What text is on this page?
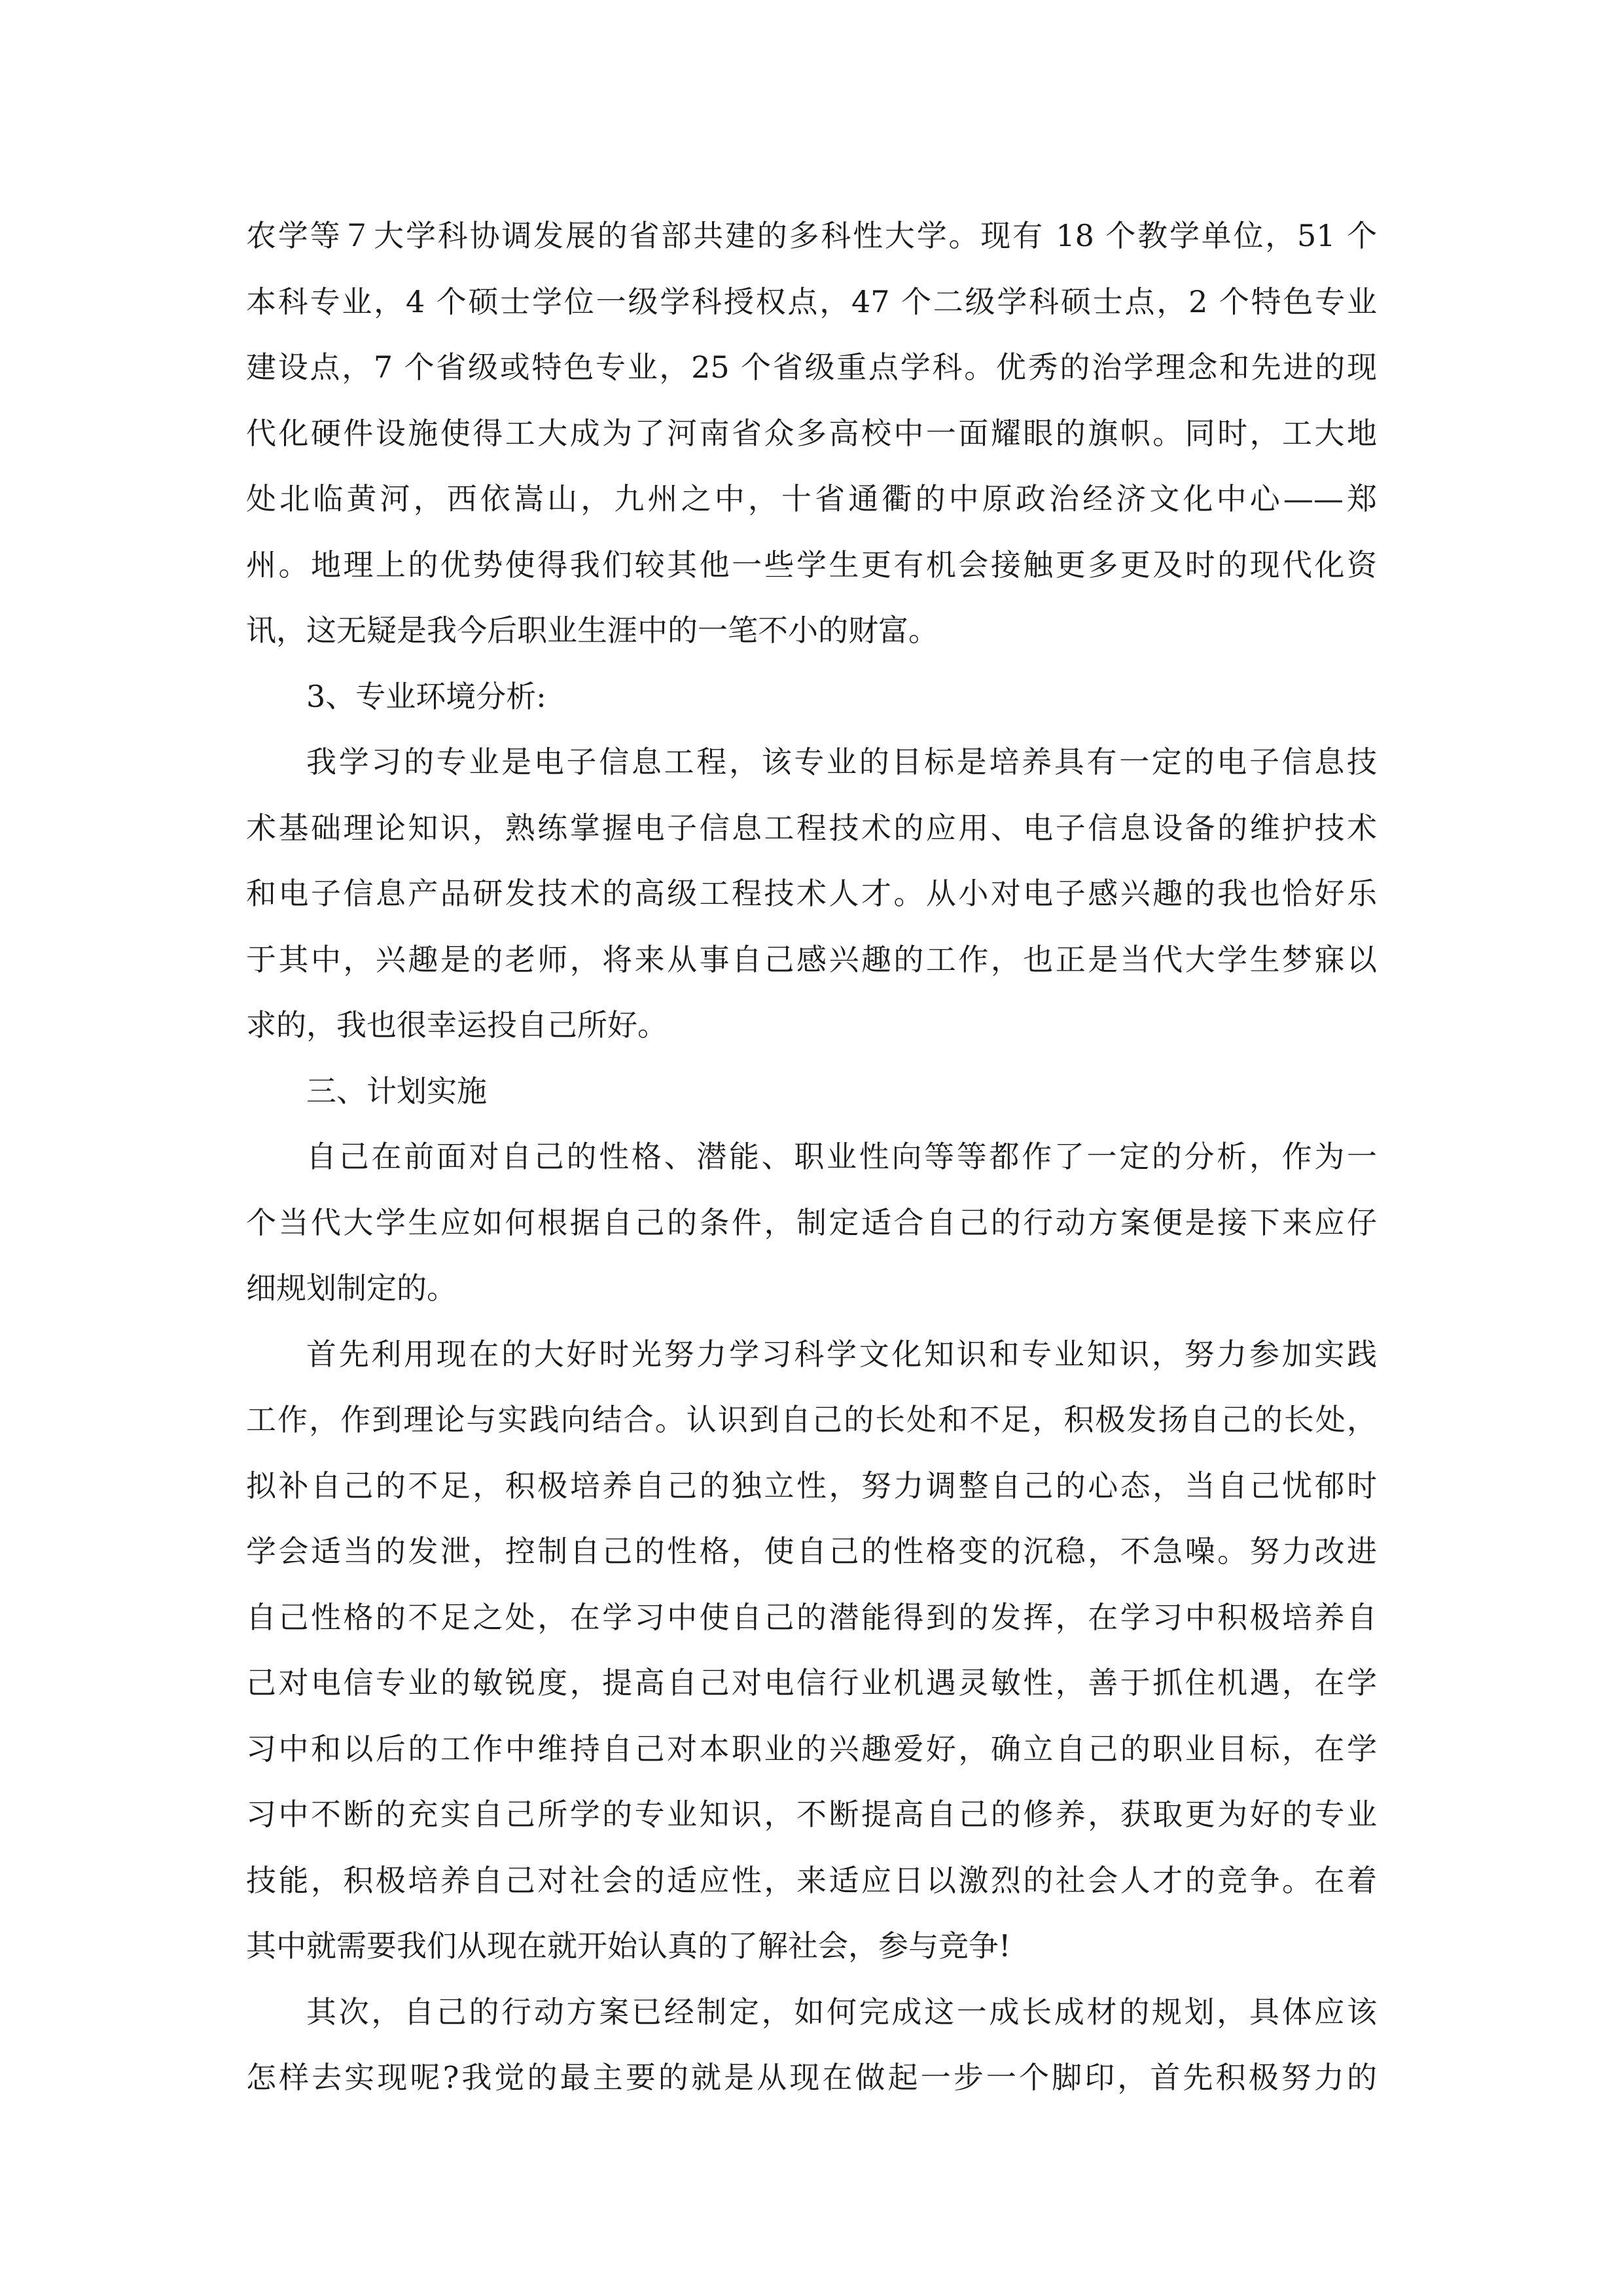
农学等７大学科协调发展的省部共建的多科性大学。现有 18 个教学单位，51 个
本科专业，4 个硕士学位一级学科授权点，47 个二级学科硕士点，2 个特色专业
建设点，7 个省级或特色专业，25 个省级重点学科。优秀的治学理念和先进的现
代化硬件设施使得工大成为了河南省众多高校中一面耀眼的旗帜。同时，工大地
处北临黄河，西依嵩山，九州之中，十省通衢的中原政治经济文化中心——郑
州。地理上的优势使得我们较其他一些学生更有机会接触更多更及时的现代化资
讯，这无疑是我今后职业生涯中的一笔不小的财富。
3、专业环境分析:
我学习的专业是电子信息工程，该专业的目标是培养具有一定的电子信息技
术基础理论知识，熟练掌握电子信息工程技术的应用、电子信息设备的维护技术
和电子信息产品研发技术的高级工程技术人才。从小对电子感兴趣的我也恰好乐
于其中，兴趣是的老师，将来从事自己感兴趣的工作，也正是当代大学生梦寐以
求的，我也很幸运投自己所好。
三、计划实施
自己在前面对自己的性格、潜能、职业性向等等都作了一定的分析，作为一
个当代大学生应如何根据自己的条件，制定适合自己的行动方案便是接下来应仔
细规划制定的。
首先利用现在的大好时光努力学习科学文化知识和专业知识，努力参加实践
工作，作到理论与实践向结合。认识到自己的长处和不足，积极发扬自己的长处，
拟补自己的不足，积极培养自己的独立性，努力调整自己的心态，当自己忧郁时
学会适当的发泄，控制自己的性格，使自己的性格变的沉稳，不急噪。努力改进
自己性格的不足之处，在学习中使自己的潜能得到的发挥，在学习中积极培养自
己对电信专业的敏锐度，提高自己对电信行业机遇灵敏性，善于抓住机遇，在学
习中和以后的工作中维持自己对本职业的兴趣爱好，确立自己的职业目标，在学
习中不断的充实自己所学的专业知识，不断提高自己的修养，获取更为好的专业
技能，积极培养自己对社会的适应性，来适应日以激烈的社会人才的竞争。在着
其中就需要我们从现在就开始认真的了解社会，参与竞争!
其次，自己的行动方案已经制定，如何完成这一成长成材的规划，具体应该
怎样去实现呢?我觉的最主要的就是从现在做起一步一个脚印，首先积极努力的
